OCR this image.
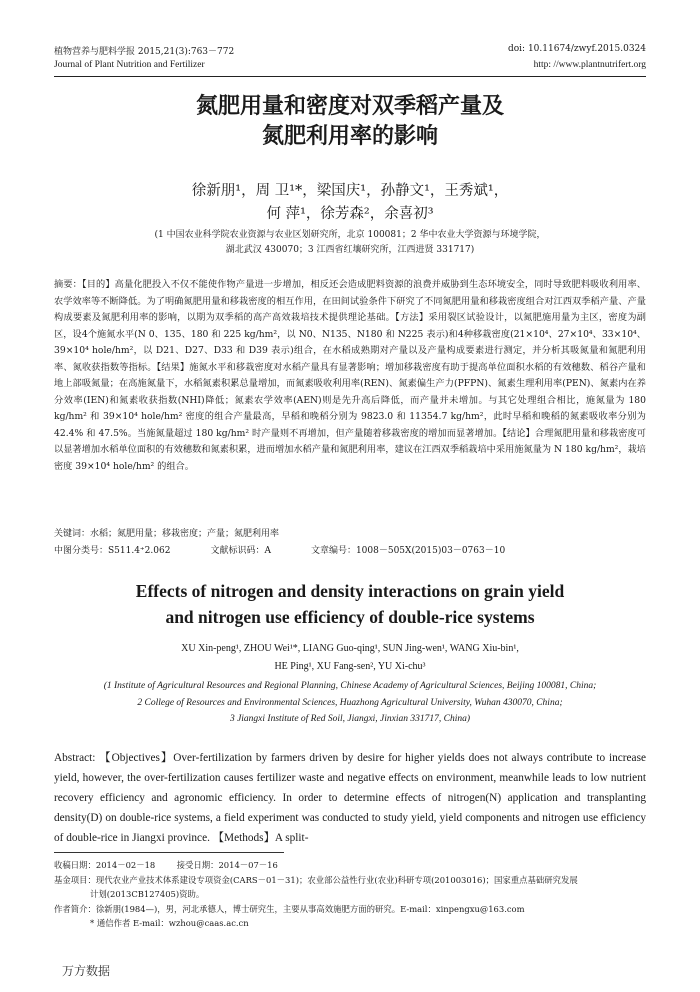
植物营养与肥料学报 2015,21(3):763－772	doi: 10.11674/zwyf.2015.0324
Journal of Plant Nutrition and Fertilizer	http: //www.plantnutrifert.org
氮肥用量和密度对双季稻产量及
氮肥利用率的影响
徐新朋¹，周 卫¹*，梁国庆¹，孙静文¹，王秀斌¹，
何 萍¹，徐芳森²，余喜初³
(1 中国农业科学院农业资源与农业区划研究所，北京 100081；2 华中农业大学资源与环境学院，
湖北武汉 430070；3 江西省红壤研究所，江西进贤 331717)
摘要：【目的】高量化肥投入不仅不能使作物产量进一步增加，相反还会造成肥料资源的浪费并威胁到生态环境安全，同时导致肥料吸收利用率、农学效率等不断降低。为了明确氮肥用量和移栽密度的相互作用，在田间试验条件下研究了不同氮肥用量和移栽密度组合对江西双季稻产量、产量构成要素及氮肥利用率的影响，以期为双季稻的高产高效栽培技术提供理论基础。【方法】采用裂区试验设计，以氮肥施用量为主区，密度为副区，设4个施氮水平(N 0、135、180 和 225 kg/hm²，以 N0、N135、N180 和 N225 表示)和4种移栽密度(21×10⁴、27×10⁴、33×10⁴、39×10⁴ hole/hm²，以 D21、D27、D33 和 D39 表示)组合，在水稻成熟期对产量以及产量构成要素进行测定，并分析其吸氮量和氮肥利用率、氮收获指数等指标。【结果】施氮水平和移栽密度对水稻产量具有显著影响；增加移栽密度有助于提高单位面积水稻的有效穗数、稻谷产量和地上部吸氮量；在高施氮量下，水稻氮素积累总量增加，而氮素吸收利用率(REN)、氮素偏生产力(PFPN)、氮素生理利用率(PEN)、氮素内在养分效率(IEN)和氮素收获指数(NHI)降低；氮素农学效率(AEN)则是先升高后降低，而产量并未增加。与其它处理组合相比，施氮量为 180 kg/hm² 和 39×10⁴ hole/hm² 密度的组合产量最高，早稻和晚稻分别为 9823.0 和 11354.7 kg/hm²，此时早稻和晚稻的氮素吸收率分别为 42.4% 和 47.5%。当施氮量超过 180 kg/hm² 时产量则不再增加，但产量随着移栽密度的增加而显著增加。【结论】合理氮肥用量和移栽密度可以显著增加水稻单位面积的有效穗数和氮素积累，进而增加水稻产量和氮肥利用率，建议在江西双季稻栽培中采用施氮量为 N 180 kg/hm²，栽培密度 39×10⁴ hole/hm² 的组合。
关键词：水稻；氮肥用量；移栽密度；产量；氮肥利用率
中图分类号：S511.4⁺2.062	文献标识码：A	文章编号：1008－505X(2015)03－0763－10
Effects of nitrogen and density interactions on grain yield
and nitrogen use efficiency of double-rice systems
XU Xin-peng¹, ZHOU Wei¹*, LIANG Guo-qing¹, SUN Jing-wen¹, WANG Xiu-bin¹,
HE Ping¹, XU Fang-sen², YU Xi-chu³
(1 Institute of Agricultural Resources and Regional Planning, Chinese Academy of Agricultural Sciences, Beijing 100081, China;
2 College of Resources and Environmental Sciences, Huazhong Agricultural University, Wuhan 430070, China;
3 Jiangxi Institute of Red Soil, Jiangxi, Jinxian 331717, China)
Abstract: 【Objectives】Over-fertilization by farmers driven by desire for higher yields does not always contribute to increase yield, however, the over-fertilization causes fertilizer waste and negative effects on environment, meanwhile leads to low nutrient recovery efficiency and agronomic efficiency. In order to determine effects of nitrogen(N) application and transplanting density(D) on double-rice systems, a field experiment was conducted to study yield, yield components and nitrogen use efficiency of double-rice in Jiangxi province. 【Methods】A split-
收稿日期：2014－02－18	接受日期：2014－07－16
基金项目：现代农业产业技术体系建设专项资金(CARS－01－31)；农业部公益性行业(农业)科研专项(201003016)；国家重点基础研究发展
计划(2013CB127405)资助。
作者简介：徐新朋(1984—)，男，河北承德人，博士研究生，主要从事高效施肥方面的研究。E-mail：xinpengxu@163.com
* 通信作者 E-mail：wzhou@caas.ac.cn
万方数据
